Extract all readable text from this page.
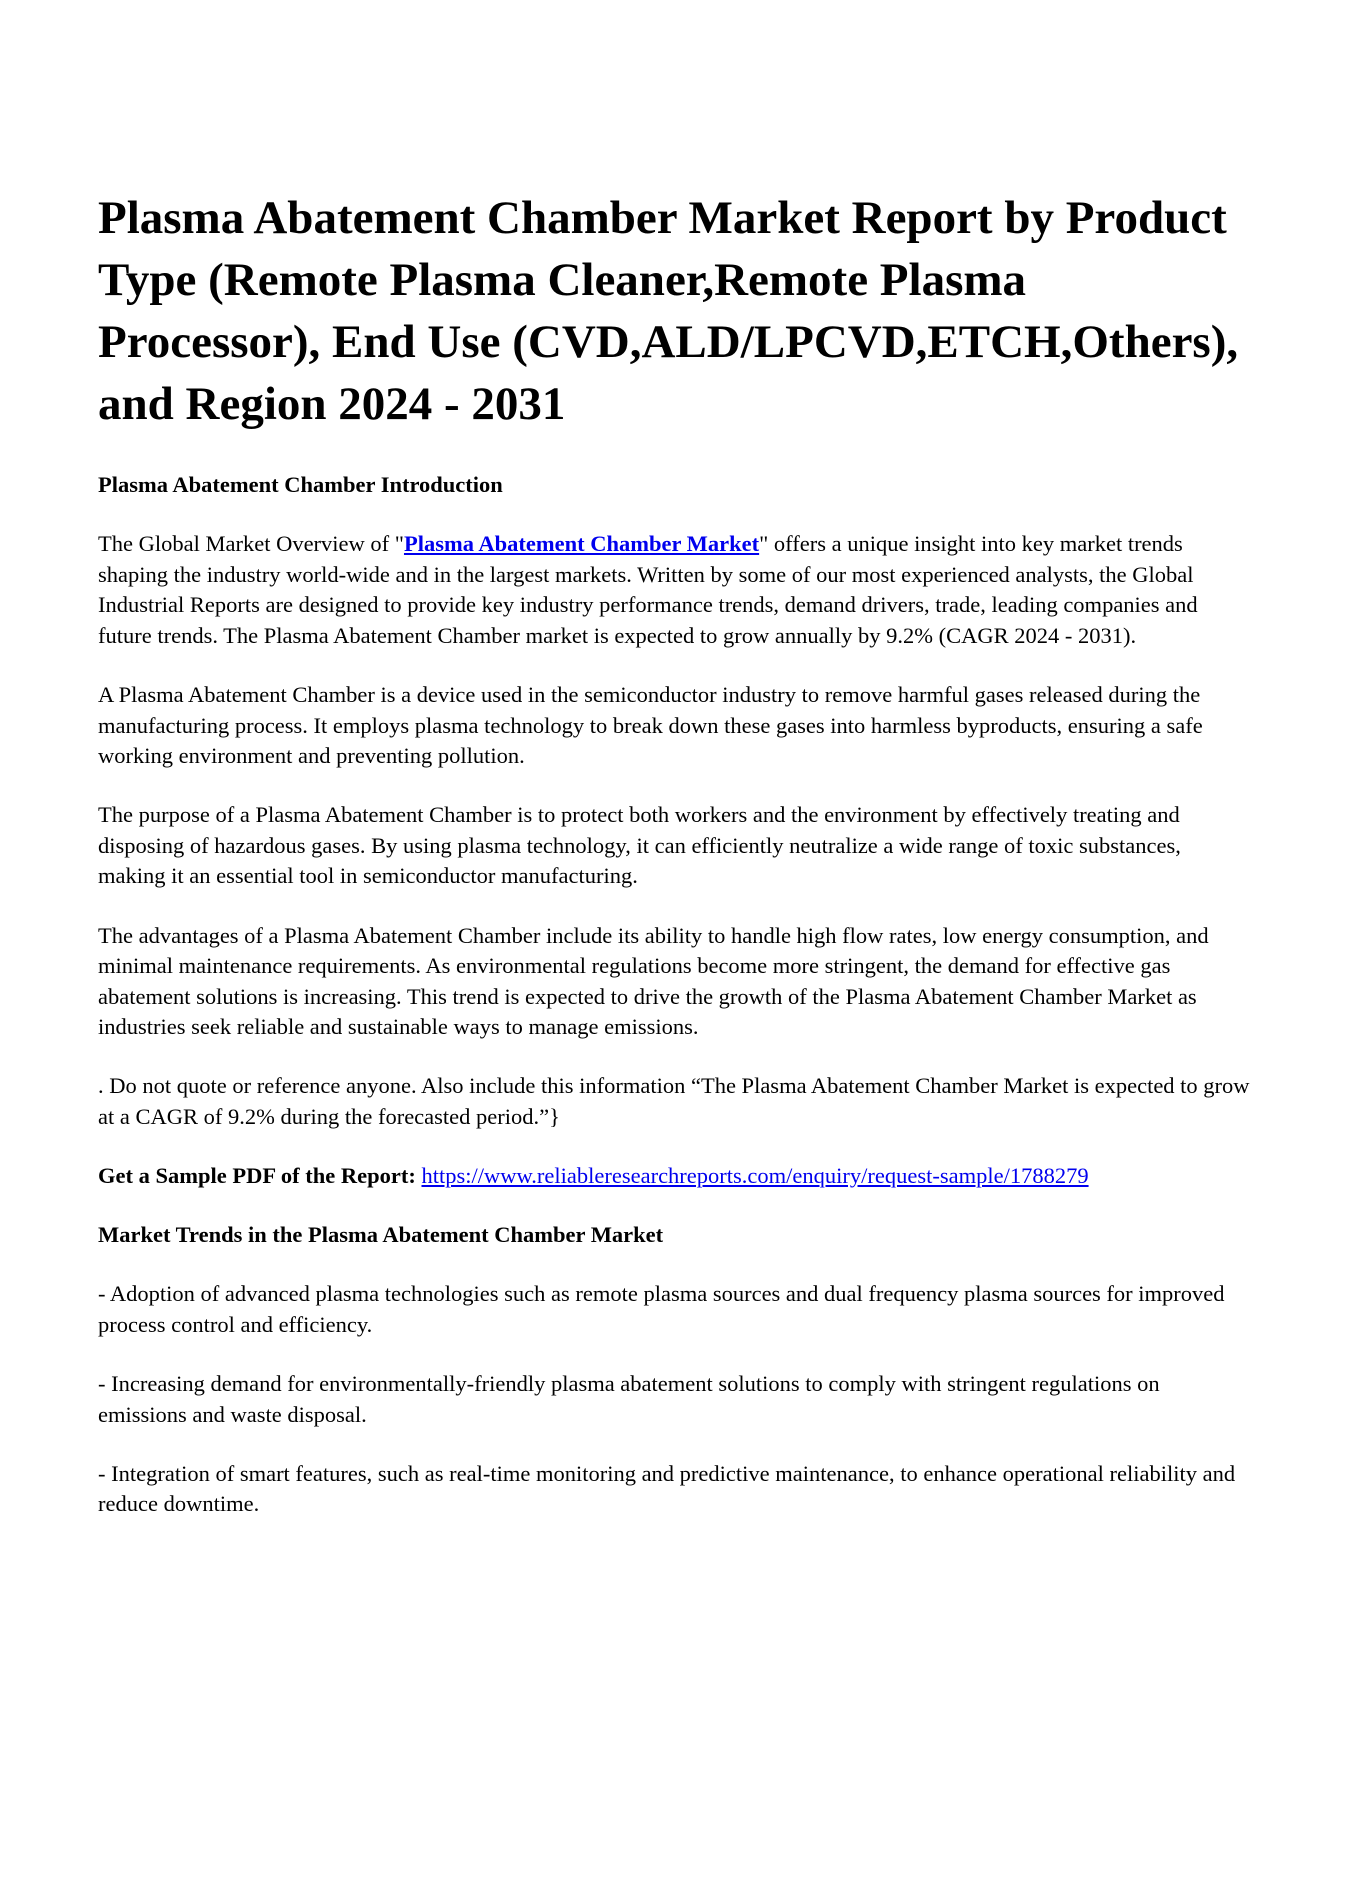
Plasma Abatement Chamber Market Report by Product Type (Remote Plasma Cleaner,Remote Plasma Processor), End Use (CVD,ALD/LPCVD,ETCH,Others), and Region 2024 - 2031

Plasma Abatement Chamber Introduction

The Global Market Overview of "Plasma Abatement Chamber Market" offers a unique insight into key market trends shaping the industry world-wide and in the largest markets. Written by some of our most experienced analysts, the Global Industrial Reports are designed to provide key industry performance trends, demand drivers, trade, leading companies and future trends. The Plasma Abatement Chamber market is expected to grow annually by 9.2% (CAGR 2024 - 2031).

A Plasma Abatement Chamber is a device used in the semiconductor industry to remove harmful gases released during the manufacturing process. It employs plasma technology to break down these gases into harmless byproducts, ensuring a safe working environment and preventing pollution.

The purpose of a Plasma Abatement Chamber is to protect both workers and the environment by effectively treating and disposing of hazardous gases. By using plasma technology, it can efficiently neutralize a wide range of toxic substances, making it an essential tool in semiconductor manufacturing.

The advantages of a Plasma Abatement Chamber include its ability to handle high flow rates, low energy consumption, and minimal maintenance requirements. As environmental regulations become more stringent, the demand for effective gas abatement solutions is increasing. This trend is expected to drive the growth of the Plasma Abatement Chamber Market as industries seek reliable and sustainable ways to manage emissions.

. Do not quote or reference anyone. Also include this information “The Plasma Abatement Chamber Market is expected to grow at a CAGR of 9.2% during the forecasted period.”}

Get a Sample PDF of the Report: https://www.reliableresearchreports.com/enquiry/request-sample/1788279

Market Trends in the Plasma Abatement Chamber Market

- Adoption of advanced plasma technologies such as remote plasma sources and dual frequency plasma sources for improved process control and efficiency.

- Increasing demand for environmentally-friendly plasma abatement solutions to comply with stringent regulations on emissions and waste disposal.

- Integration of smart features, such as real-time monitoring and predictive maintenance, to enhance operational reliability and reduce downtime.
